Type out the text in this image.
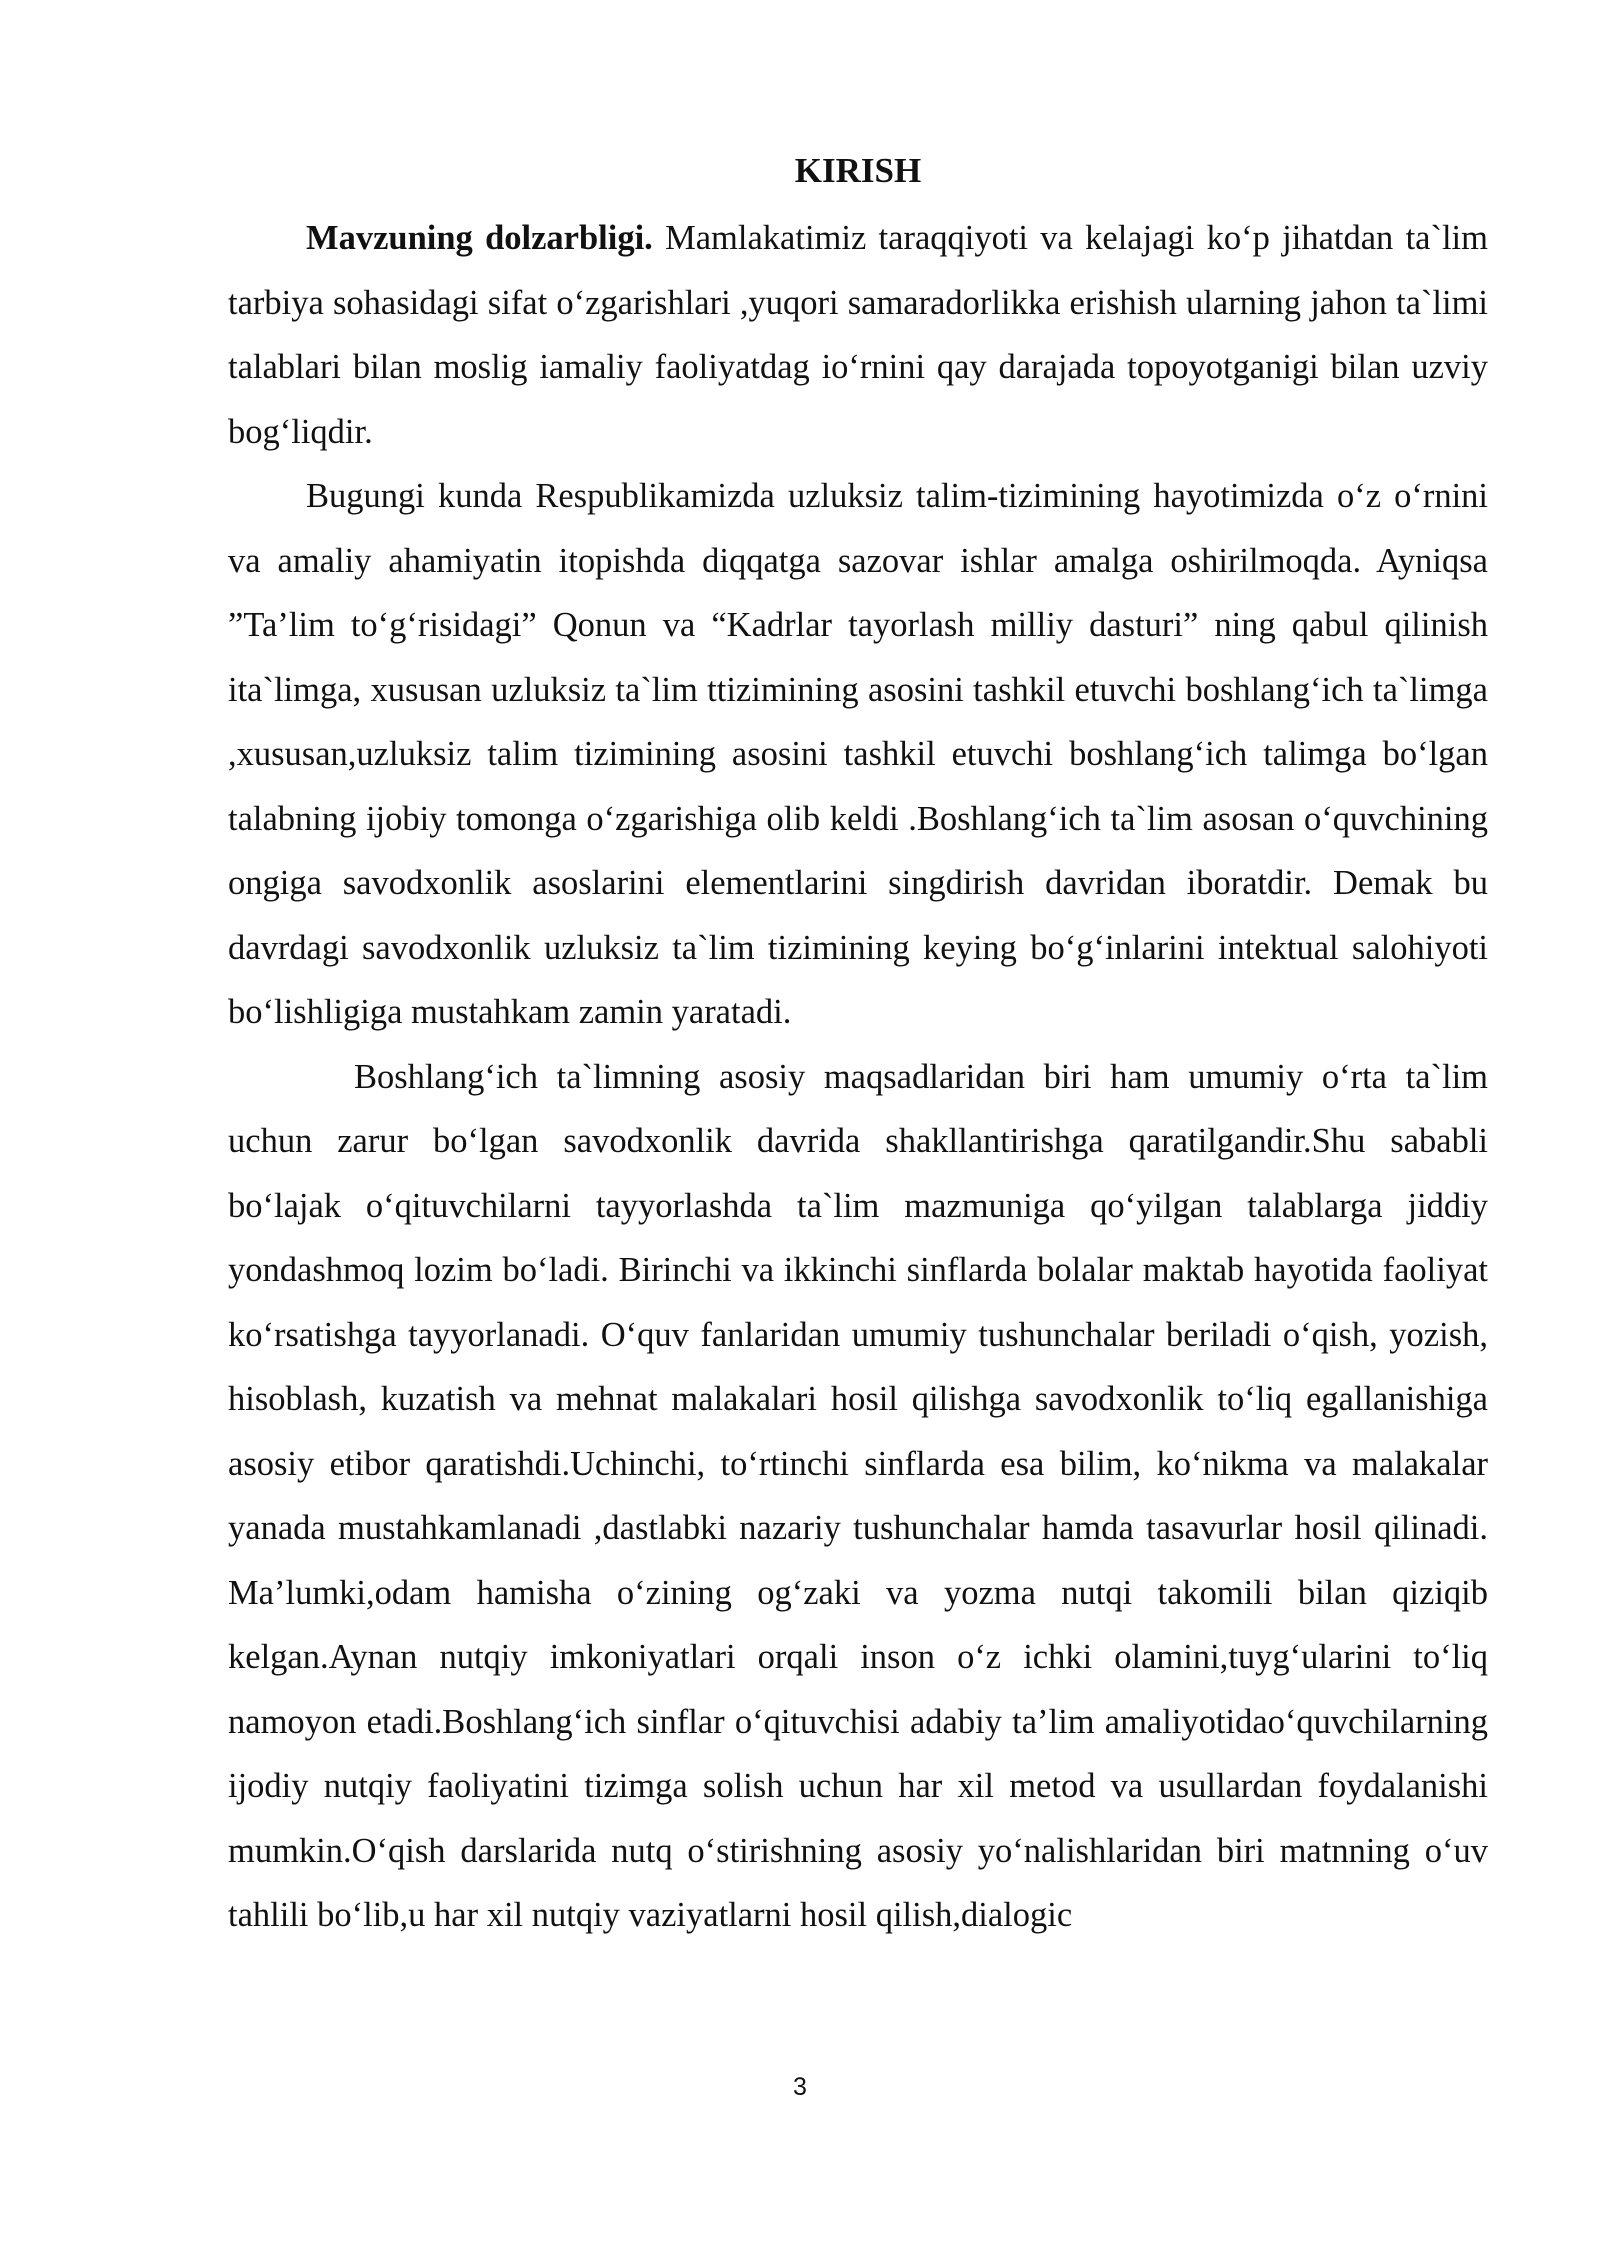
KIRISH

Mavzuning dolzarbligi. Mamlakatimiz taraqqiyoti va kelajagi koʻp jihatdan ta`lim tarbiya sohasidagi sifat oʻzgarishlari ,yuqori samaradorlikka erishish ularning jahon ta`limi talablari bilan moslig iamaliy faoliyatdag ioʻrnini qay darajada topoyotganigi bilan uzviy bogʻliqdir.

Bugungi kunda Respublikamizda uzluksiz talim-tizimining hayotimizda oʻz oʻrnini va amaliy ahamiyatin itopishda diqqatga sazovar ishlar amalga oshirilmoqda. Ayniqsa ”Ta’lim toʻgʻrisidagi” Qonun va “Kadrlar tayorlash milliy dasturi” ning qabul qilinish ita`limga, xususan uzluksiz ta`lim ttizimining asosini tashkil etuvchi boshlangʻich ta`limga ,xususan,uzluksiz talim tizimining asosini tashkil etuvchi boshlangʻich talimga boʻlgan talabning ijobiy tomonga oʻzgarishiga olib keldi .Boshlangʻich ta`lim asosan oʻquvchining ongiga savodxonlik asoslarini elementlarini singdirish davridan iboratdir. Demak bu davrdagi savodxonlik uzluksiz ta`lim tizimining keying boʻgʻinlarini intektual salohiyoti boʻlishligiga mustahkam zamin yaratadi.

Boshlangʻich ta`limning asosiy maqsadlaridan biri ham umumiy oʻrta ta`lim uchun zarur boʻlgan savodxonlik davrida shakllantirishga qaratilgandir.Shu sababli boʻlajak oʻqituvchilarni tayyorlashda ta`lim mazmuniga qoʻyilgan talablarga jiddiy yondashmoq lozim boʻladi. Birinchi va ikkinchi sinflarda bolalar maktab hayotida faoliyat koʻrsatishga tayyorlanadi. Oʻquv fanlaridan umumiy tushunchalar beriladi oʻqish, yozish, hisoblash, kuzatish va mehnat malakalari hosil qilishga savodxonlik toʻliq egallanishiga asosiy etibor qaratishdi.Uchinchi, toʻrtinchi sinflarda esa bilim, koʻnikma va malakalar yanada mustahkamlanadi ,dastlabki nazariy tushunchalar hamda tasavurlar hosil qilinadi. Ma’lumki,odam hamisha oʻzining ogʻzaki va yozma nutqi takomili bilan qiziqib kelgan.Aynan nutqiy imkoniyatlari orqali inson oʻz ichki olamini,tuygʻularini toʻliq namoyon etadi.Boshlangʻich sinflar oʻqituvchisi adabiy ta’lim amaliyotidaoʻquvchilarning ijodiy nutqiy faoliyatini tizimga solish uchun har xil metod va usullardan foydalanishi mumkin.Oʻqish darslarida nutq oʻstirishning asosiy yoʻnalishlaridan biri matnning oʻuv tahlili boʻlib,u har xil nutqiy vaziyatlarni hosil qilish,dialogic

3
